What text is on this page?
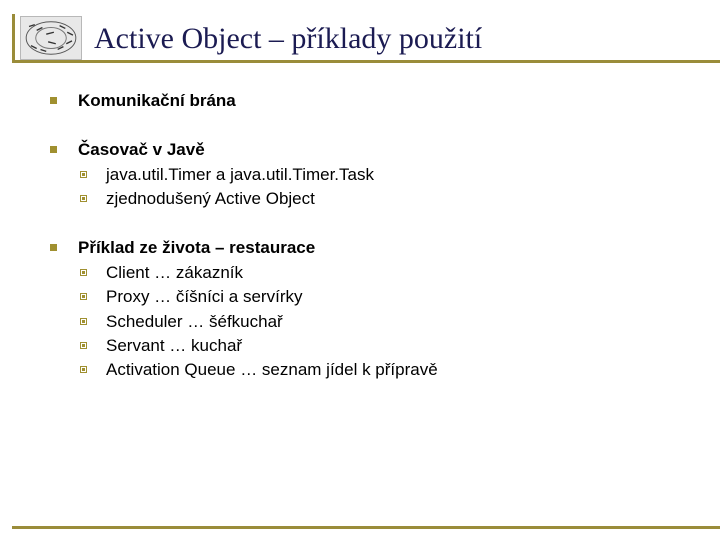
Active Object – příklady použití
Komunikační brána
Časovač v Javě
java.util.Timer a java.util.Timer.Task
zjednodušený Active Object
Příklad ze života – restaurace
Client … zákazník
Proxy … číšníci a servírky
Scheduler … šéfkuchař
Servant … kuchař
Activation Queue … seznam jídel k přípravě
